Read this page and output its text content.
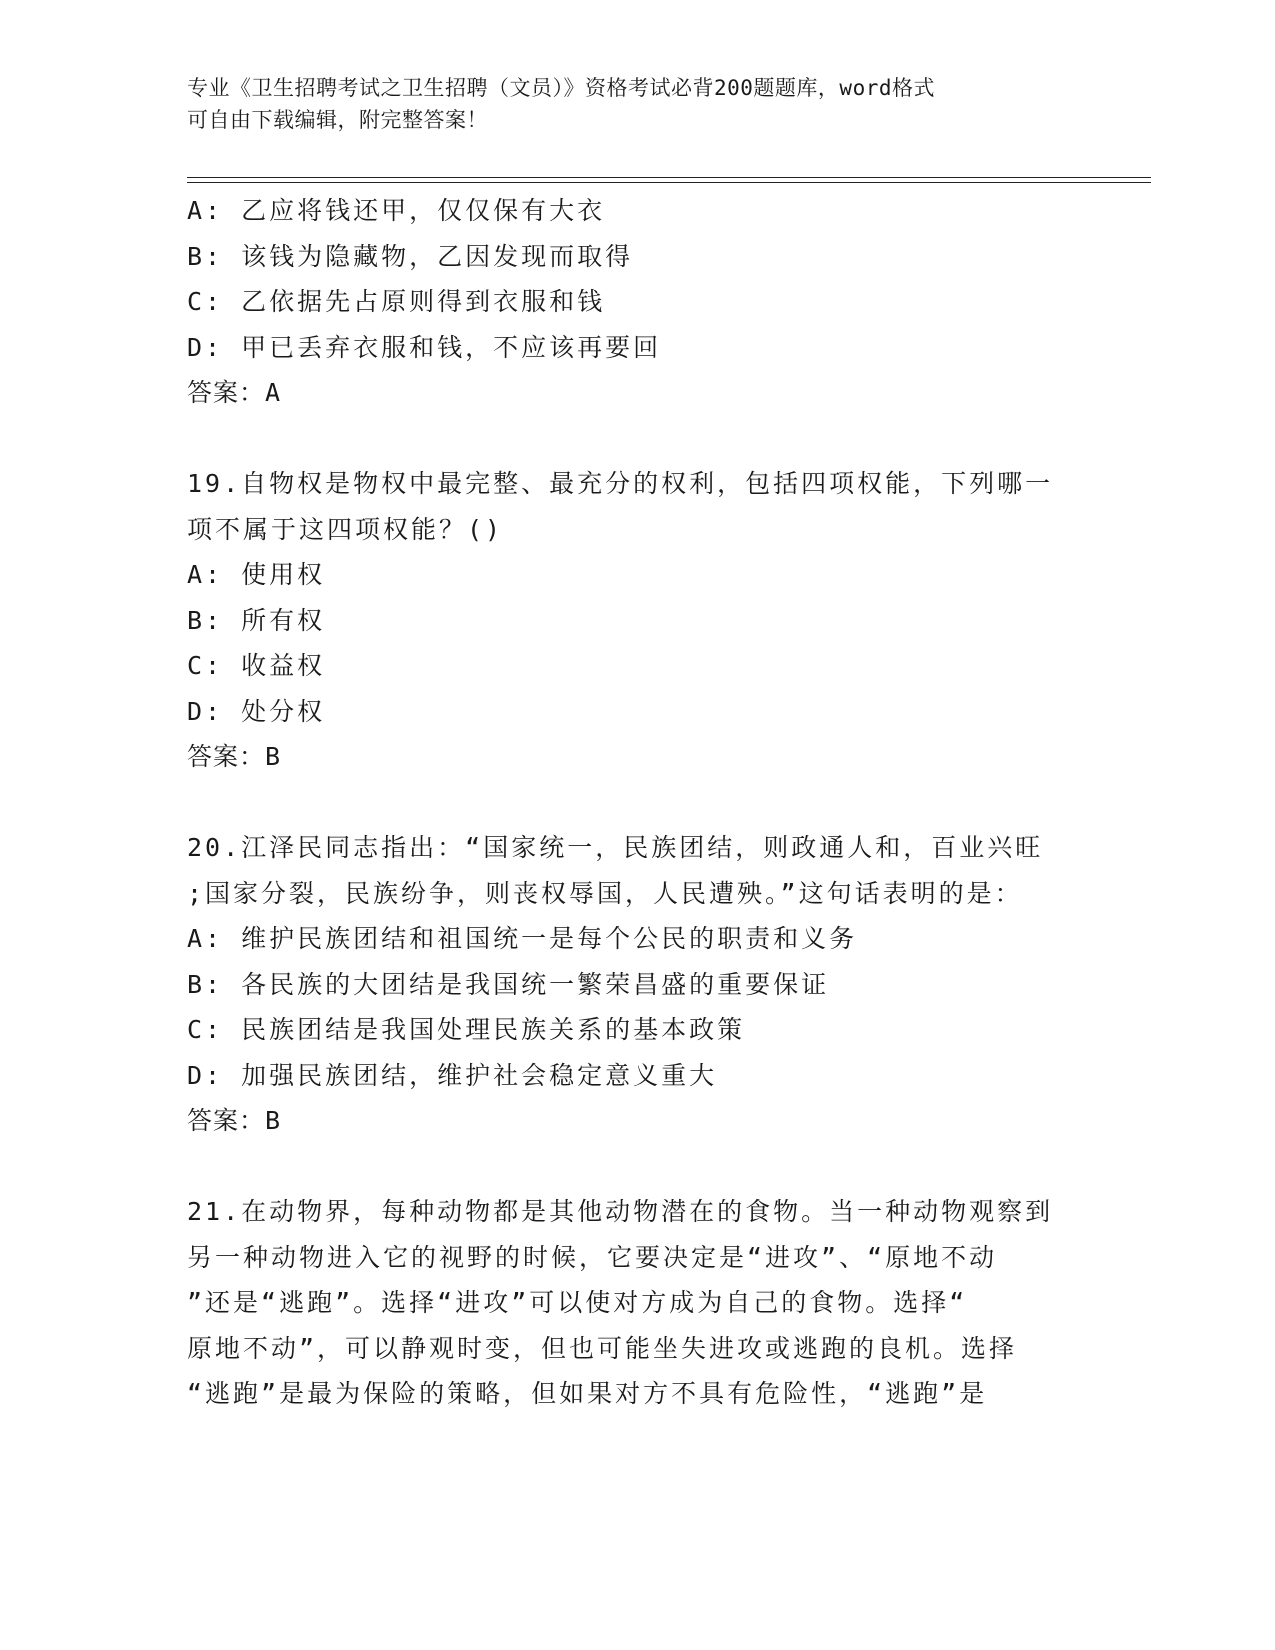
专业《卫生招聘考试之卫生招聘（文员）》资格考试必背200题题库，word格式
可自由下载编辑，附完整答案！
A: 乙应将钱还甲，仅仅保有大衣
B: 该钱为隐藏物，乙因发现而取得
C: 乙依据先占原则得到衣服和钱
D: 甲已丢弃衣服和钱，不应该再要回
答案：A
19.自物权是物权中最完整、最充分的权利，包括四项权能，下列哪一
项不属于这四项权能？()
A: 使用权
B: 所有权
C: 收益权
D: 处分权
答案：B
20.江泽民同志指出：“国家统一，民族团结，则政通人和，百业兴旺
;国家分裂，民族纷争，则丧权辱国，人民遭殃。”这句话表明的是：
A: 维护民族团结和祖国统一是每个公民的职责和义务
B: 各民族的大团结是我国统一繁荣昌盛的重要保证
C: 民族团结是我国处理民族关系的基本政策
D: 加强民族团结，维护社会稳定意义重大
答案：B
21.在动物界，每种动物都是其他动物潜在的食物。当一种动物观察到
另一种动物进入它的视野的时候，它要决定是“进攻”、“原地不动
”还是“逃跑”。选择“进攻”可以使对方成为自己的食物。选择“
原地不动”，可以静观时变，但也可能坐失进攻或逃跑的良机。选择
“逃跑”是最为保险的策略，但如果对方不具有危险性，“逃跑”是
